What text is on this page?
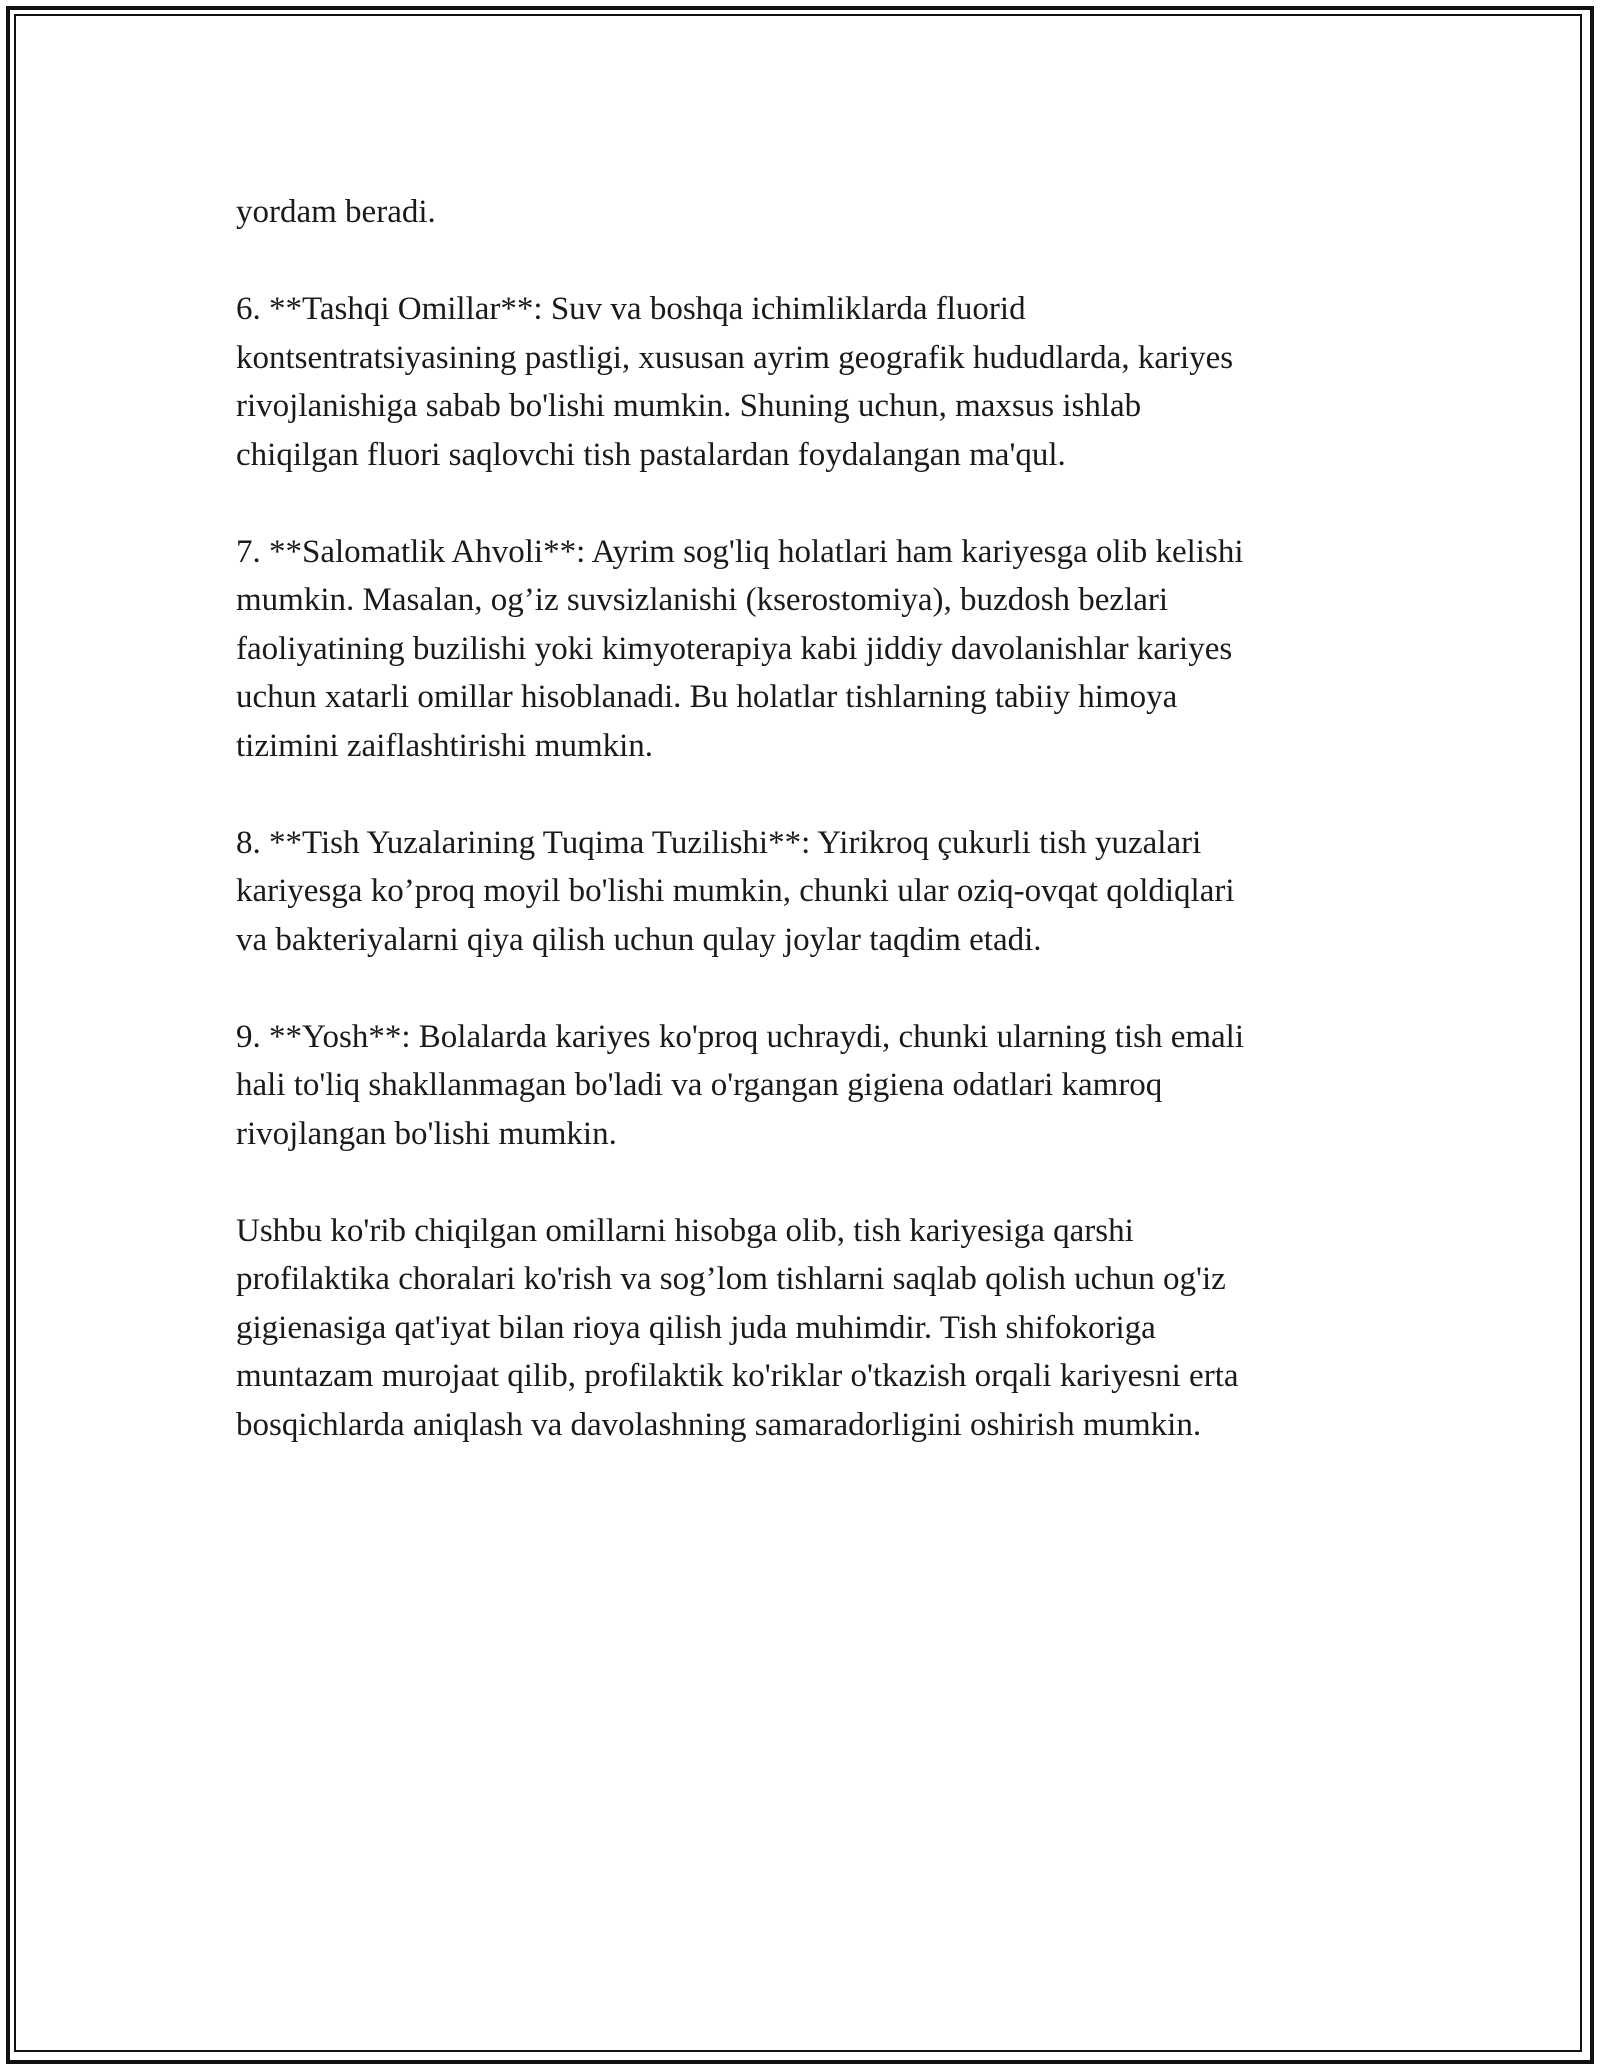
yordam beradi.

6. **Tashqi Omillar**: Suv va boshqa ichimliklarda fluorid
kontsentratsiyasining pastligi, xususan ayrim geografik hududlarda, kariyes
rivojlanishiga sabab bo'lishi mumkin. Shuning uchun, maxsus ishlab
chiqilgan fluori saqlovchi tish pastalardan foydalangan ma'qul.

7. **Salomatlik Ahvoli**: Ayrim sog'liq holatlari ham kariyesga olib kelishi
mumkin. Masalan, og’iz suvsizlanishi (kserostomiya), buzdosh bezlari
faoliyatining buzilishi yoki kimyoterapiya kabi jiddiy davolanishlar kariyes
uchun xatarli omillar hisoblanadi. Bu holatlar tishlarning tabiiy himoya
tizimini zaiflashtirishi mumkin.

8. **Tish Yuzalarining Tuqima Tuzilishi**: Yirikroq çukurli tish yuzalari
kariyesga ko’proq moyil bo'lishi mumkin, chunki ular oziq-ovqat qoldiqlari
va bakteriyalarni qiya qilish uchun qulay joylar taqdim etadi.

9. **Yosh**: Bolalarda kariyes ko'proq uchraydi, chunki ularning tish emali
hali to'liq shakllanmagan bo'ladi va o'rgangan gigiena odatlari kamroq
rivojlangan bo'lishi mumkin.

Ushbu ko'rib chiqilgan omillarni hisobga olib, tish kariyesiga qarshi
profilaktika choralari ko'rish va sog’lom tishlarni saqlab qolish uchun og'iz
gigienasiga qat'iyat bilan rioya qilish juda muhimdir. Tish shifokoriga
muntazam murojaat qilib, profilaktik ko'riklar o'tkazish orqali kariyesni erta
bosqichlarda aniqlash va davolashning samaradorligini oshirish mumkin.
